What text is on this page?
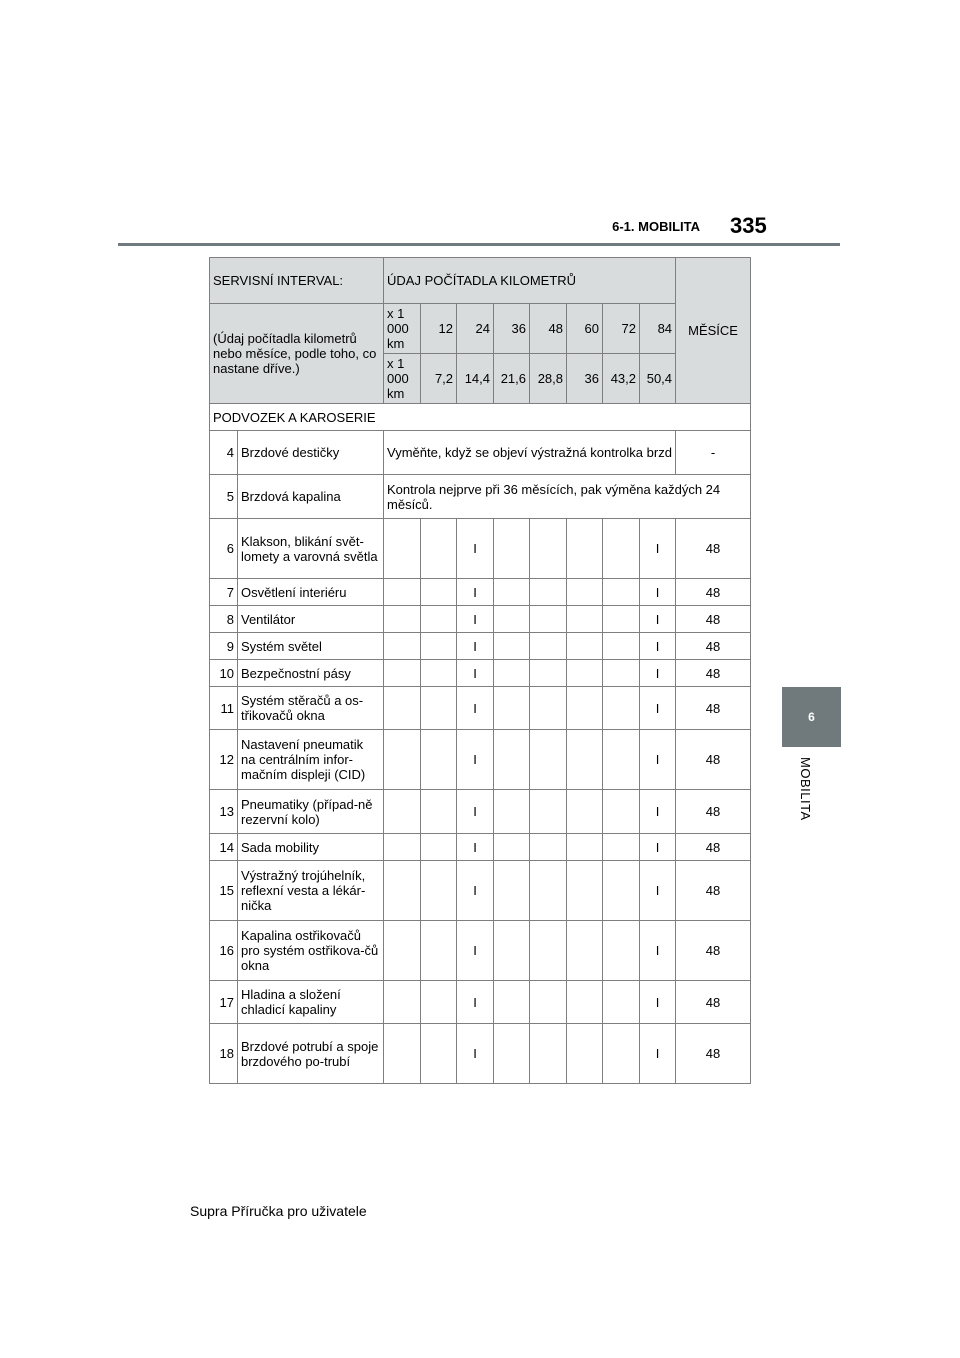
6-1. MOBILITA 335
6
MOBILITA
SERVISNÍ INTERVAL:		ÚDAJ POČÍTADLA KILOMETRŮ								MĚSÍCE	
(Údaj počítadla kilometrů nebo měsíce, podle toho, co nastane dříve.)		x 1 000 km	12	24	36	48	60	72	84		
		x 1 000 km	7,2	14,4	21,6	28,8	36	43,2	50,4	
PODVOZEK A KAROSERIE											
4	Brzdové destičky	Vyměňte, když se objeví výstražná kontrolka brzd								-	
5	Brzdová kapalina	Kontrola nejprve při 36 měsících, pak výměna každých 24 měsíců.									
6	Klakson, blikání svět-lomety a varovná světla			I					I	48	
7	Osvětlení interiéru			I					I	48	
8	Ventilátor			I					I	48	
9	Systém světel			I					I	48	
10	Bezpečnostní pásy			I					I	48	
11	Systém stěračů a os-třikovačů okna			I					I	48	
12	Nastavení pneumatik na centrálním infor-mačním displeji (CID)			I					I	48	
13	Pneumatiky (případ-ně rezervní kolo)			I					I	48	
14	Sada mobility			I					I	48	
15	Výstražný trojúhelník, reflexní vesta a lékár-nička			I					I	48	
16	Kapalina ostřikovačů pro systém ostřikova-čů okna			I					I	48	
17	Hladina a složení chladicí kapaliny			I					I	48	
18	Brzdové potrubí a spoje brzdového po-trubí			I					I	48	
Supra Příručka pro uživatele
